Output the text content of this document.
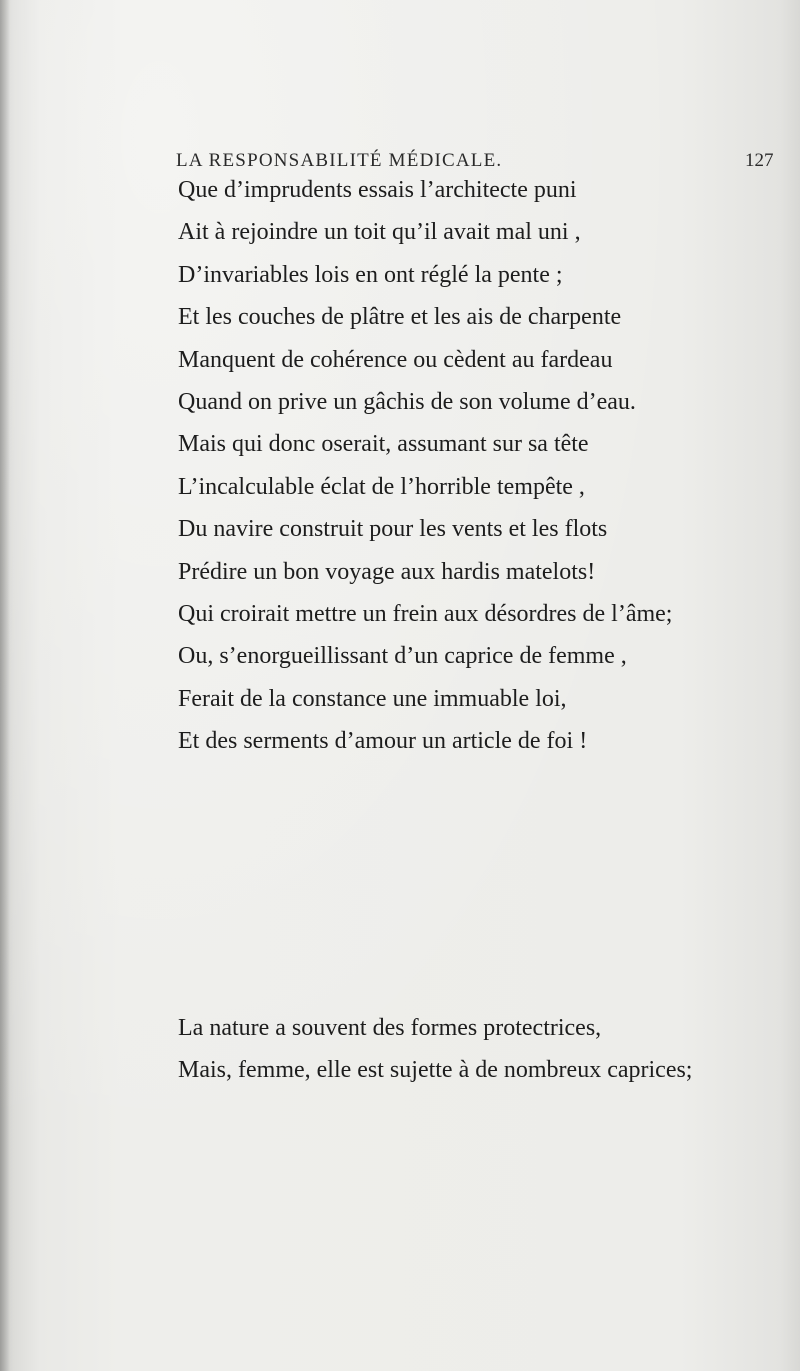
LA RESPONSABILITÉ MÉDICALE.	127
Que d’imprudents essais l’architecte puni
Ait à rejoindre un toit qu’il avait mal uni ,
D’invariables lois en ont réglé la pente ;
Et les couches de plâtre et les ais de charpente
Manquent de cohérence ou cèdent au fardeau
Quand on prive un gâchis de son volume d’eau.
Mais qui donc oserait, assumant sur sa tête
L’incalculable éclat de l’horrible tempête ,
Du navire construit pour les vents et les flots
Prédire un bon voyage aux hardis matelots!
Qui croirait mettre un frein aux désordres de l’âme;
Ou, s’enorgueillissant d’un caprice de femme ,
Ferait de la constance une immuable loi,
Et des serments d’amour un article de foi !
La nature a souvent des formes protectrices,
Mais, femme, elle est sujette à de nombreux caprices;
